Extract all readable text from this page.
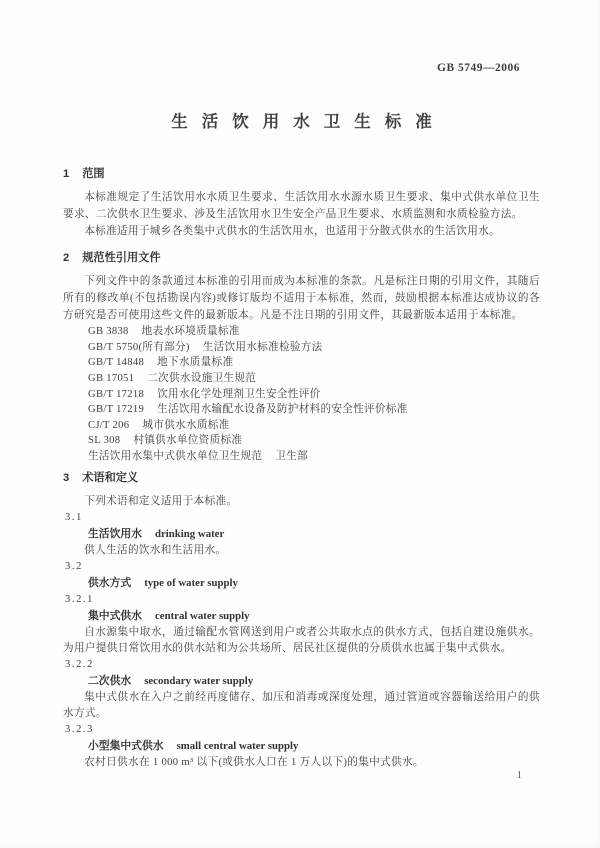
GB 5749—2006
生活饮用水卫生标准
1 范围

本标准规定了生活饮用水水质卫生要求、生活饮用水水源水质卫生要求、集中式供水单位卫生要求、二次供水卫生要求、涉及生活饮用水卫生安全产品卫生要求、水质监测和水质检验方法。

本标准适用于城乡各类集中式供水的生活饮用水，也适用于分散式供水的生活饮用水。

2 规范性引用文件

下列文件中的条款通过本标准的引用而成为本标准的条款。凡是标注日期的引用文件，其随后所有的修改单(不包括勘误内容)或修订版均不适用于本标准，然而，鼓励根据本标准达成协议的各方研究是否可使用这些文件的最新版本。凡是不注日期的引用文件，其最新版本适用于本标准。

GB 3838 地表水环境质量标准
GB/T 5750(所有部分) 生活饮用水标准检验方法
GB/T 14848 地下水质量标准
GB 17051 二次供水设施卫生规范
GB/T 17218 饮用水化学处理剂卫生安全性评价
GB/T 17219 生活饮用水输配水设备及防护材料的安全性评价标准
CJ/T 206 城市供水水质标准
SL 308 村镇供水单位资质标准
生活饮用水集中式供水单位卫生规范 卫生部
3 术语和定义

下列术语和定义适用于本标准。

3.1
生活饮用水 drinking water

供人生活的饮水和生活用水。

3.2
供水方式 type of water supply
3.2.1
集中式供水 central water supply

自水源集中取水，通过输配水管网送到用户或者公共取水点的供水方式，包括自建设施供水。为用户提供日常饮用水的供水站和为公共场所、居民社区提供的分质供水也属于集中式供水。

3.2.2
二次供水 secondary water supply

集中式供水在入户之前经再度储存、加压和消毒或深度处理，通过管道或容器输送给用户的供水方式。

3.2.3
小型集中式供水 small central water supply

农村日供水在 1 000 m³ 以下(或供水人口在 1 万人以下)的集中式供水。

1
